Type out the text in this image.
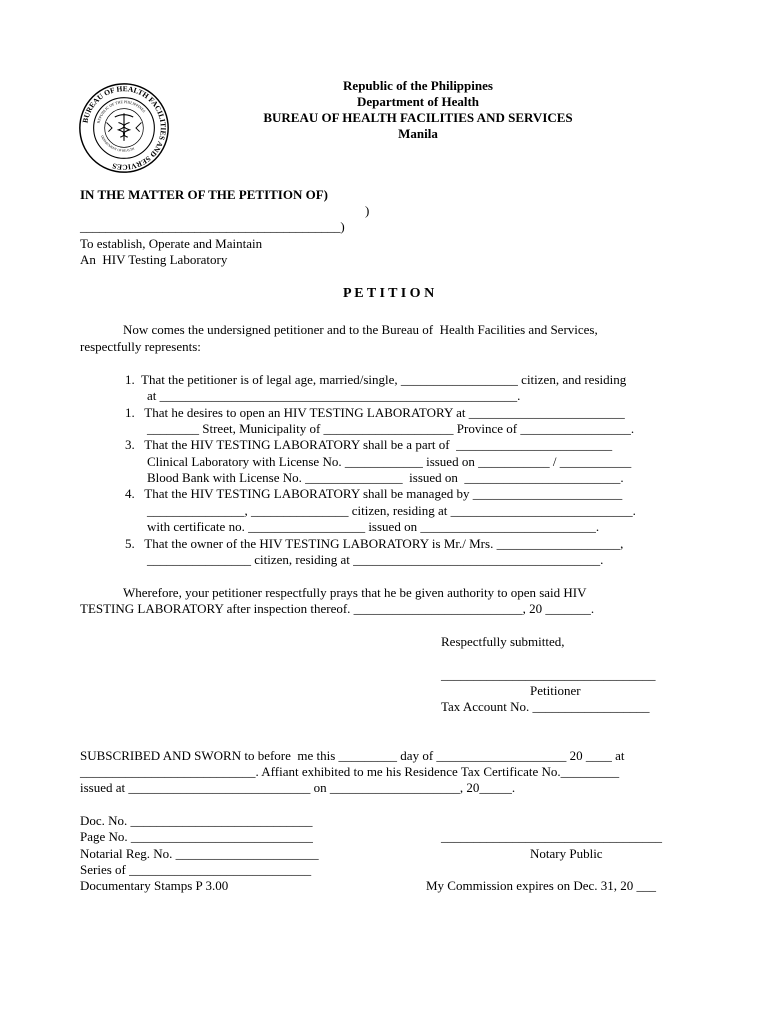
BUREAU OF HEALTH FACILITIES AND SERVICES
REPUBLIC OF THE PHILIPPINES
DEPARTMENT OF HEALTH
Republic of the Philippines
Department of Health
BUREAU OF HEALTH FACILITIES AND SERVICES
Manila
IN THE MATTER OF THE PETITION OF)
)
_________________________________________)
To establish, Operate and Maintain
An  HIV Testing Laboratory
P E T I T I O N
Now comes the undersigned petitioner and to the Bureau of  Health Facilities and Services,
respectfully represents:
1.  That the petitioner is of legal age, married/single, __________________ citizen, and residing
at _______________________________________________________.
1.   That he desires to open an HIV TESTING LABORATORY at ________________________
________ Street, Municipality of ____________________ Province of _________________.
3.   That the HIV TESTING LABORATORY shall be a part of  ________________________
Clinical Laboratory with License No. ____________ issued on ___________ / ___________
Blood Bank with License No. _______________  issued on  ________________________.
4.   That the HIV TESTING LABORATORY shall be managed by _______________________
_______________, _______________ citizen, residing at ____________________________.
with certificate no. __________________ issued on ___________________________.
5.   That the owner of the HIV TESTING LABORATORY is Mr./ Mrs. ___________________,
________________ citizen, residing at ______________________________________.
Wherefore, your petitioner respectfully prays that he be given authority to open said HIV
TESTING LABORATORY after inspection thereof. __________________________, 20 _______.
Respectfully submitted,
_________________________________
Petitioner
Tax Account No. __________________
SUBSCRIBED AND SWORN to before  me this _________ day of ____________________ 20 ____ at
___________________________. Affiant exhibited to me his Residence Tax Certificate No._________
issued at ____________________________ on ____________________, 20_____.
Doc. No. ____________________________
Page No. ____________________________
Notarial Reg. No. ______________________
Series of ____________________________
Documentary Stamps P 3.00
__________________________________
Notary Public
My Commission expires on Dec. 31, 20 ___
